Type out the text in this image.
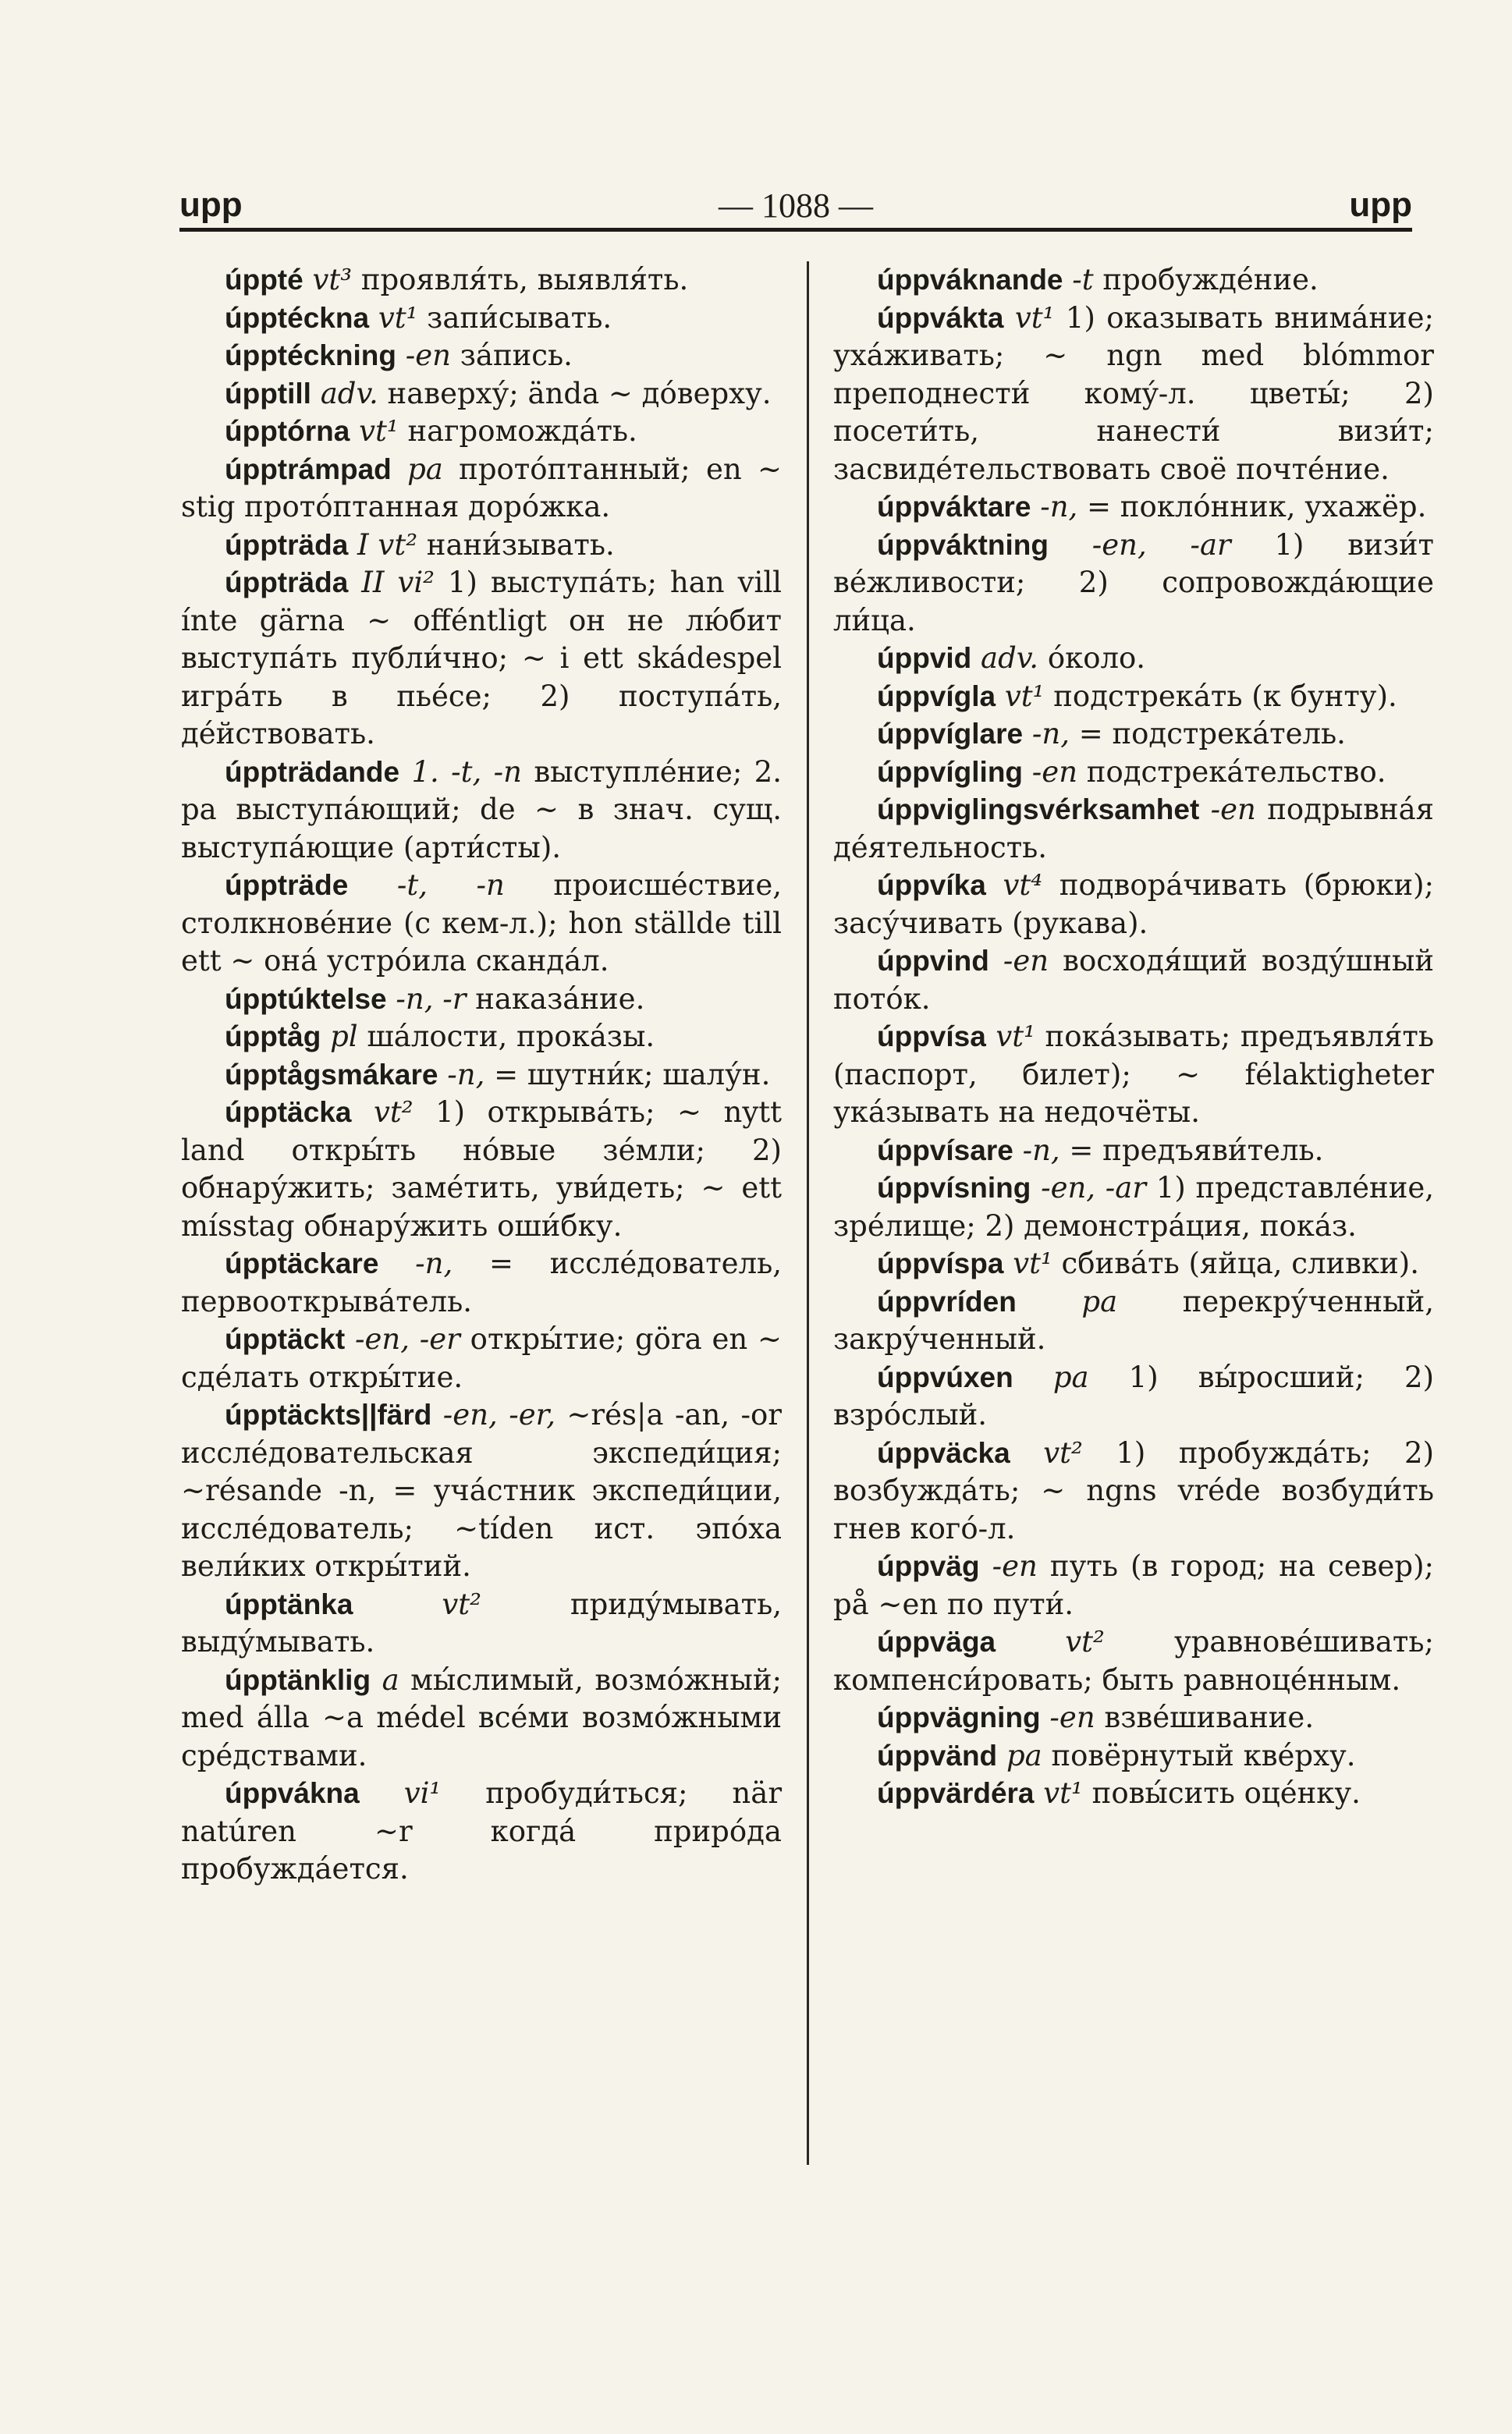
upp	— 1088 —	upp

úppté vt³ проявля́ть, выявля́ть.

úpptéckna vt¹ запи́сывать.

úpptéckning -en за́пись.

úpptill adv. наверху́; ända ~ до́верху.

úpptórna vt¹ нагроможда́ть.

úpptrámpad pa протóптанный; en ~ stig протóптанная дорóжка.

úppträda I vt² нани́зывать.

úppträda II vi² 1) выступа́ть; han vill ínte gärna ~ offéntligt он не лю́бит выступа́ть публи́чно; ~ i ett skádespel игра́ть в пье́се; 2) поступа́ть, де́йствовать.

úppträdande 1. -t, -n выступле́ние; 2. pa выступа́ющий; de ~ в знач. сущ. выступа́ющие (арти́сты).

úppträde -t, -n происше́ствие, столкнове́ние (с кем-л.); hon ställde till ett ~ она́ устрóила сканда́л.

úpptúktelse -n, -r наказа́ние.

úpptåg pl ша́лости, прока́зы.

úpptågsmákare -n, = шутни́к; шалу́н.

úpptäcka vt² 1) открыва́ть; ~ nytt land откры́ть нóвые зéмли; 2) обнару́жить; заме́тить, уви́деть; ~ ett mísstag обнару́жить оши́бку.

úpptäckare -n, = иссле́дователь, первооткрыва́тель.

úpptäckt -en, -er откры́тие; göra en ~ сде́лать откры́тие.

úpptäckts||färd -en, -er, ~rés|a -an, -or иссле́довательская экспеди́ция; ~résande -n, = уча́стник экспеди́ции, иссле́дователь; ~tíden ист. эпóха вели́ких откры́тий.

úpptänka	vt² приду́мывать, выду́мывать.

úpptänklig a мы́слимый, возмóжный; med álla ~a médel всéми возмóжными срéдствами.

úppvákna vi¹ пробуди́ться; när natúren ~r когда́ прирóда пробужда́ется.

úppváknande -t пробужде́ние.

úppvákta vt¹ 1) оказывать внима́ние; уха́живать; ~ ngn med blómmor преподнести́ комý-л. цветы́; 2) посети́ть, нанести́ визи́т; засвиде́тельствовать своё почте́ние.

úppváktare -n, = поклóнник, ухажёр.

úppváktning -en, -ar 1) визи́т ве́жливости; 2) сопровожда́ющие ли́ца.

úppvid adv. óколо.

úppvígla vt¹ подстрека́ть (к бунту).

úppvíglare -n, = подстрека́тель.

úppvígling -en подстрека́тельство.

úppviglingsvérksamhet -en подрывна́я де́ятельность.

úppvíka vt⁴ подвора́чивать (брюки); засу́чивать (рукава).

úppvind -en восходя́щий возду́шный потóк.

úppvísa vt¹ пока́зывать; предъявля́ть (паспорт, билет); ~ félaktigheter ука́зывать на недочёты.

úppvísare -n, = предъяви́тель.

úppvísning -en, -ar 1) представле́ние, зре́лище; 2) демонстра́ция, пока́з.

úppvíspa vt¹ сбива́ть (яйца, сливки).

úppvríden pa перекру́ченный, закру́ченный.

úppvúxen pa 1) вы́росший; 2) взрóслый.

úppväcka vt² 1) пробужда́ть; 2) возбужда́ть; ~ ngns vréde возбуди́ть гнев когó-л.

úppväg -en путь (в город; на север); på ~en по пути́.

úppväga vt² уравнове́шивать; компенси́ровать; быть равноце́нным.

úppvägning -en взве́шивание.

úppvänd pa повёрнутый кве́рху.

úppvärdéra vt¹ повы́сить оце́нку.
